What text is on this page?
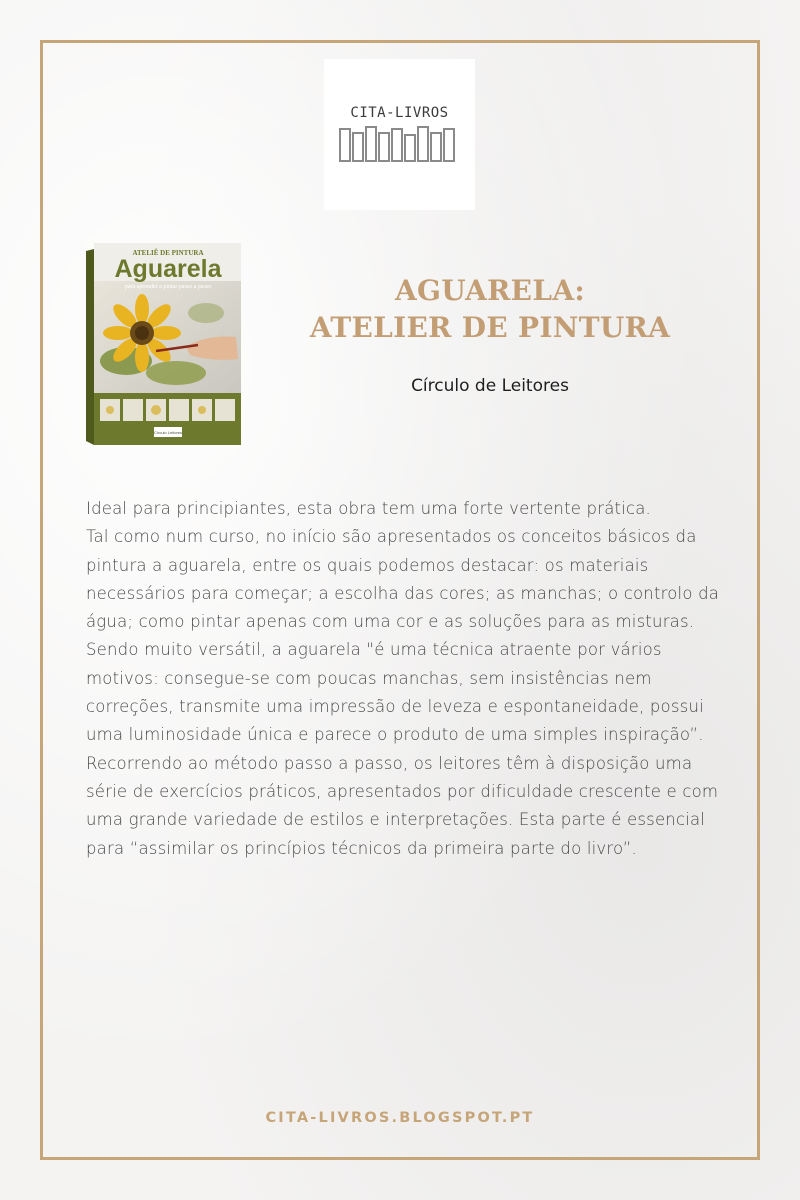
CITA-LIVROS
ATELIÊ DE PINTURA
Aguarela
para aprender a pintar passo a passo
Círculo Leitores
AGUARELA:
ATELIER DE PINTURA
Círculo de Leitores

Ideal para principiantes, esta obra tem uma forte vertente prática.

Tal como num curso, no início são apresentados os conceitos básicos da pintura a aguarela, entre os quais podemos destacar: os materiais necessários para começar; a escolha das cores; as manchas; o controlo da água; como pintar apenas com uma cor e as soluções para as misturas.

Sendo muito versátil, a aguarela "é uma técnica atraente por vários motivos: consegue-se com poucas manchas, sem insistências nem correções, transmite uma impressão de leveza e espontaneidade, possui uma luminosidade única e parece o produto de uma simples inspiração”.

Recorrendo ao método passo a passo, os leitores têm à disposição uma série de exercícios práticos, apresentados por dificuldade crescente e com uma grande variedade de estilos e interpretações. Esta parte é essencial para “assimilar os princípios técnicos da primeira parte do livro”.

CITA-LIVROS.BLOGSPOT.PT
